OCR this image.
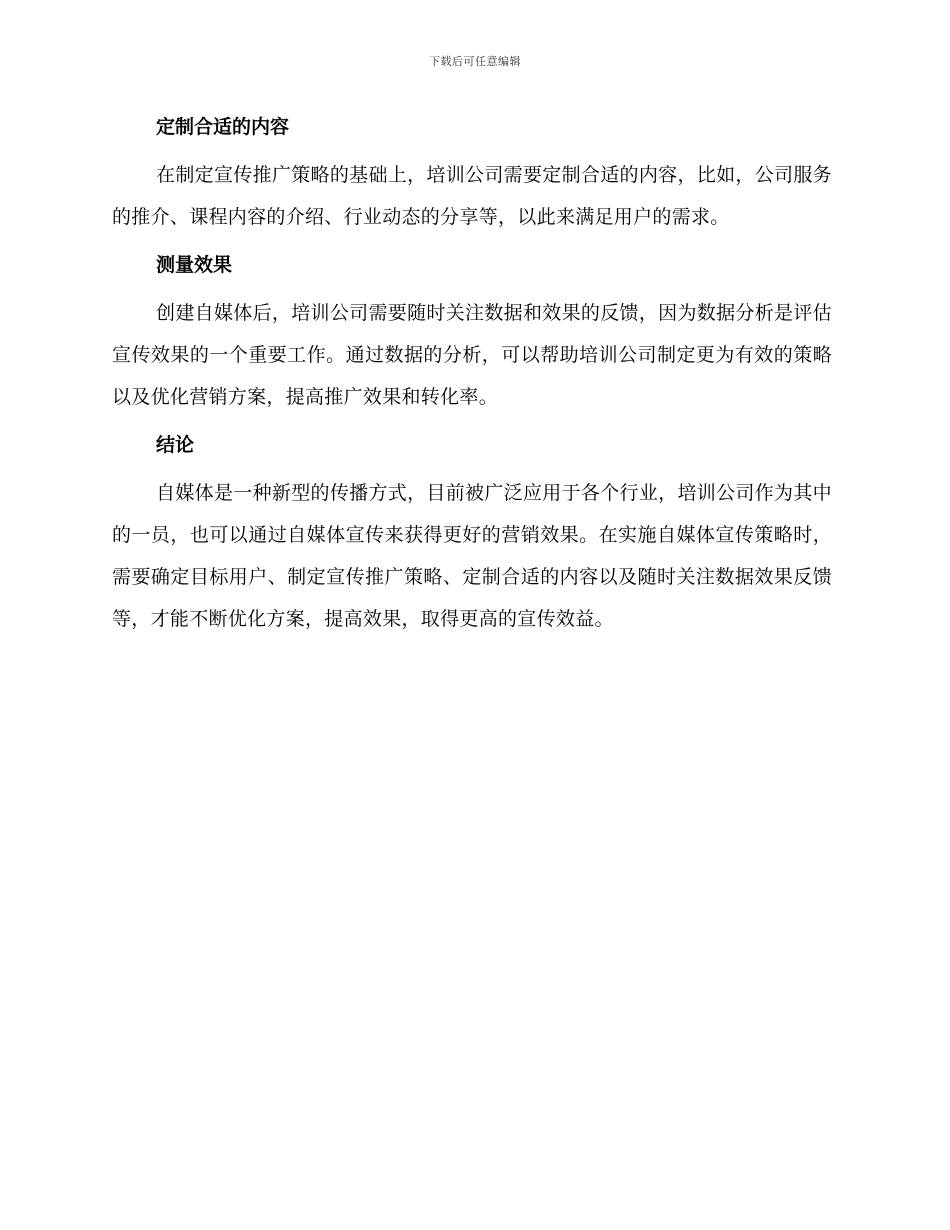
下载后可任意编辑
定制合适的内容

在制定宣传推广策略的基础上，培训公司需要定制合适的内容，比如，公司服务的推介、课程内容的介绍、行业动态的分享等，以此来满足用户的需求。

测量效果

创建自媒体后，培训公司需要随时关注数据和效果的反馈，因为数据分析是评估宣传效果的一个重要工作。通过数据的分析，可以帮助培训公司制定更为有效的策略以及优化营销方案，提高推广效果和转化率。

结论

自媒体是一种新型的传播方式，目前被广泛应用于各个行业，培训公司作为其中的一员，也可以通过自媒体宣传来获得更好的营销效果。在实施自媒体宣传策略时，需要确定目标用户、制定宣传推广策略、定制合适的内容以及随时关注数据效果反馈等，才能不断优化方案，提高效果，取得更高的宣传效益。
